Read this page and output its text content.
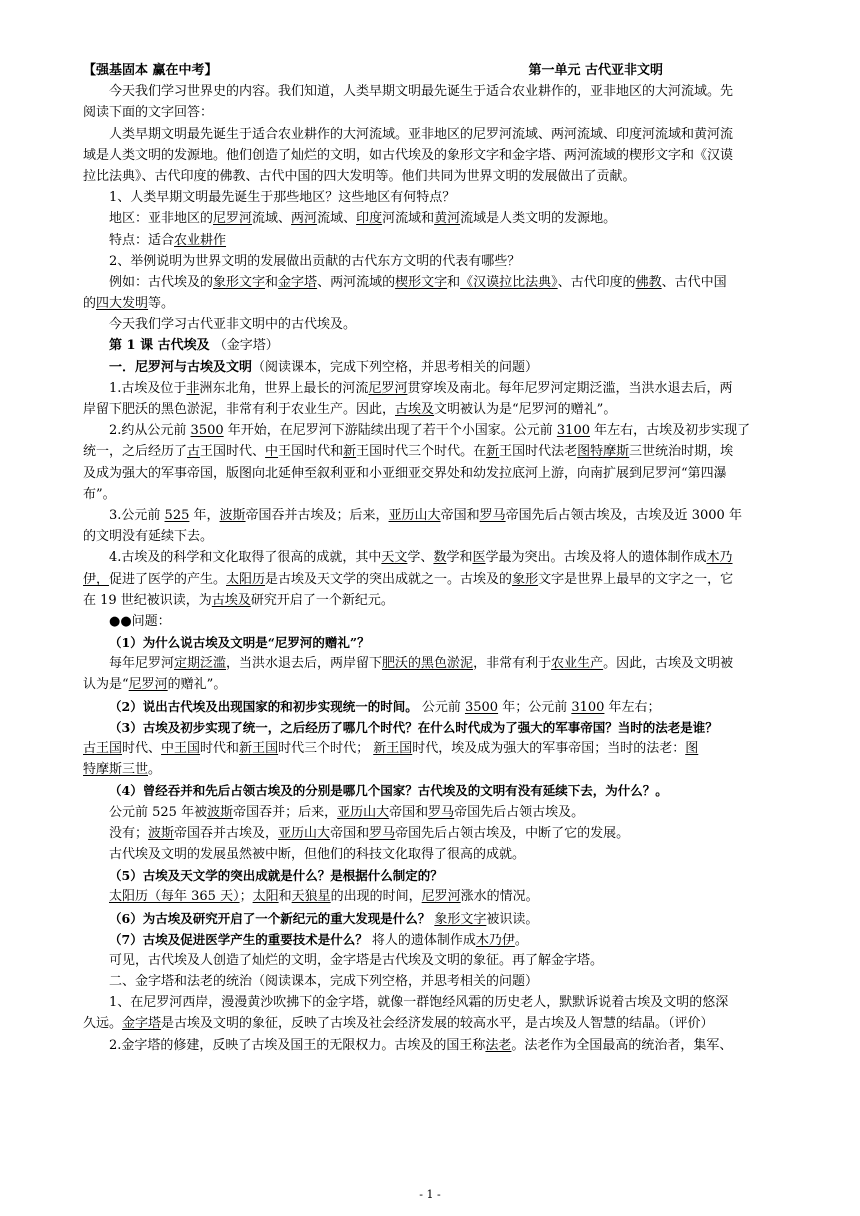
【强基固本 赢在中考】	第一单元 古代亚非文明
今天我们学习世界史的内容。我们知道，人类早期文明最先诞生于适合农业耕作的，亚非地区的大河流域。先
阅读下面的文字回答：
人类早期文明最先诞生于适合农业耕作的大河流域。亚非地区的尼罗河流域、两河流域、印度河流域和黄河流
域是人类文明的发源地。他们创造了灿烂的文明，如古代埃及的象形文字和金字塔、两河流域的楔形文字和《汉谟
拉比法典》、古代印度的佛教、古代中国的四大发明等。他们共同为世界文明的发展做出了贡献。
1、人类早期文明最先诞生于那些地区？这些地区有何特点？
地区：亚非地区的尼罗河流域、两河流域、印度河流域和黄河流域是人类文明的发源地。
特点：适合农业耕作
2、举例说明为世界文明的发展做出贡献的古代东方文明的代表有哪些？
例如：古代埃及的象形文字和金字塔、两河流域的楔形文字和《汉谟拉比法典》、古代印度的佛教、古代中国
的四大发明等。
今天我们学习古代亚非文明中的古代埃及。
第 1 课 古代埃及 （金字塔）
一．尼罗河与古埃及文明（阅读课本，完成下列空格，并思考相关的问题）
1.古埃及位于非洲东北角，世界上最长的河流尼罗河贯穿埃及南北。每年尼罗河定期泛滥，当洪水退去后，两
岸留下肥沃的黑色淤泥，非常有利于农业生产。因此，古埃及文明被认为是“尼罗河的赠礼”。
2.约从公元前 3500 年开始，在尼罗河下游陆续出现了若干个小国家。公元前 3100 年左右，古埃及初步实现了
统一，之后经历了古王国时代、中王国时代和新王国时代三个时代。在新王国时代法老图特摩斯三世统治时期，埃
及成为强大的军事帝国，版图向北延伸至叙利亚和小亚细亚交界处和幼发拉底河上游，向南扩展到尼罗河“第四瀑
布”。
3.公元前 525 年，波斯帝国吞并古埃及；后来，亚历山大帝国和罗马帝国先后占领古埃及，古埃及近 3000 年
的文明没有延续下去。
4.古埃及的科学和文化取得了很高的成就，其中天文学、数学和医学最为突出。古埃及将人的遗体制作成木乃
伊，促进了医学的产生。太阳历是古埃及天文学的突出成就之一。古埃及的象形文字是世界上最早的文字之一，它
在 19 世纪被识读，为古埃及研究开启了一个新纪元。
●●问题：
（1）为什么说古埃及文明是“尼罗河的赠礼”？
每年尼罗河定期泛滥，当洪水退去后，两岸留下肥沃的黑色淤泥，非常有利于农业生产。因此，古埃及文明被
认为是“尼罗河的赠礼”。
（2）说出古代埃及出现国家的和初步实现统一的时间。 公元前 3500 年；公元前 3100 年左右；
（3）古埃及初步实现了统一，之后经历了哪几个时代？在什么时代成为了强大的军事帝国？当时的法老是谁？
古王国时代、中王国时代和新王国时代三个时代； 新王国时代，埃及成为强大的军事帝国；当时的法老：图
特摩斯三世。
（4）曾经吞并和先后占领古埃及的分别是哪几个国家？古代埃及的文明有没有延续下去，为什么？。
公元前 525 年被波斯帝国吞并；后来，亚历山大帝国和罗马帝国先后占领古埃及。
没有；波斯帝国吞并古埃及，亚历山大帝国和罗马帝国先后占领古埃及，中断了它的发展。
古代埃及文明的发展虽然被中断，但他们的科技文化取得了很高的成就。
（5）古埃及天文学的突出成就是什么？是根据什么制定的？
太阳历（每年 365 天）；太阳和天狼星的出现的时间，尼罗河涨水的情况。
（6）为古埃及研究开启了一个新纪元的重大发现是什么？ 象形文字被识读。
（7）古埃及促进医学产生的重要技术是什么？ 将人的遗体制作成木乃伊。
可见，古代埃及人创造了灿烂的文明，金字塔是古代埃及文明的象征。再了解金字塔。
二、金字塔和法老的统治（阅读课本，完成下列空格，并思考相关的问题）
1、在尼罗河西岸，漫漫黄沙吹拂下的金字塔，就像一群饱经风霜的历史老人，默默诉说着古埃及文明的悠深
久远。金字塔是古埃及文明的象征，反映了古埃及社会经济发展的较高水平，是古埃及人智慧的结晶。（评价）
2.金字塔的修建，反映了古埃及国王的无限权力。古埃及的国王称法老。法老作为全国最高的统治者，集军、
- 1 -
